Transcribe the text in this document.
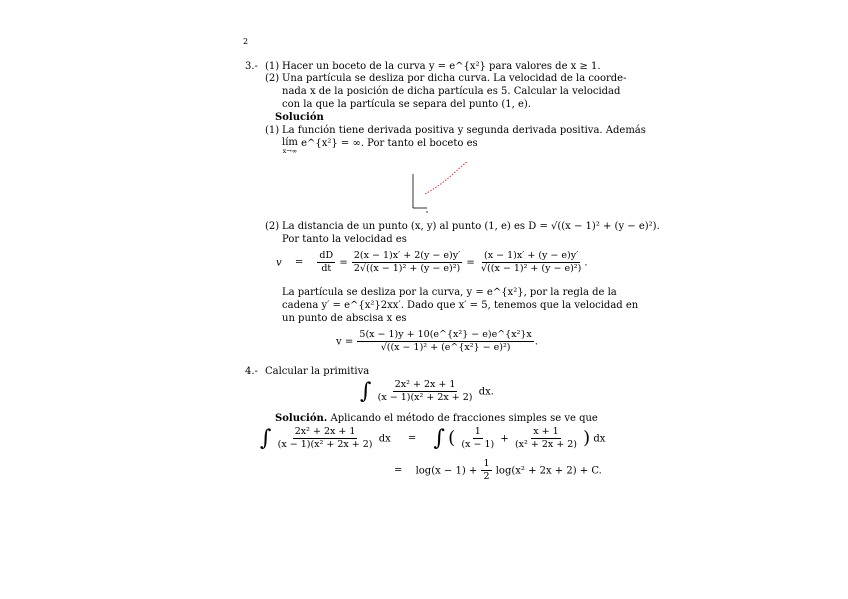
2
3.- (1) Hacer un boceto de la curva y = e^{x²} para valores de x ≥ 1.
(2) Una partícula se desliza por dicha curva. La velocidad de la coorde-
nada x de la posición de dicha partícula es 5. Calcular la velocidad
con la que la partícula se separa del punto (1, e).
Solución
(1) La función tiene derivada positiva y segunda derivada positiva. Además
lím
x→∞
e^{x²} = ∞. Por tanto el boceto es
(2) La distancia de un punto (x, y) al punto (1, e) es D = √((x − 1)² + (y − e)²).
Por tanto la velocidad es
$v = \frac{dD}{dt} = \frac{2(x - 1)x' + 2(y - e)y'}{\text{2√((x − 1)² + (y − e)²)}} = \frac{(x - 1)x' + (y - e)y'}{\text{√((x − 1)² + (y − e)²)}}$ .
La partícula se desliza por la curva, y = e^{x²}, por la regla de la
cadena y′ = e^{x²}2xx′. Dado que x′ = 5, tenemos que la velocidad en
un punto de abscisa x es
$v = \frac{\text{5(x − 1)y + 10(e\textasciicircum{}\{x²\} − e)e\textasciicircum{}\{x²\}x}}{\text{√((x − 1)² + (e\textasciicircum{}\{x²\} − e)²)}}$ .
4.- Calcular la primitiva
∫ $\frac{\text{2x² + 2x + 1}}{\text{(x − 1)(x² + 2x + 2)}}$ dx.
Solución. Aplicando el método de fracciones simples se ve que
∫ $\frac{\text{2x² + 2x + 1}}{\text{(x − 1)(x² + 2x + 2)}}$ dx = ∫ ( $\frac{1}{(x - 1)} + \frac{x + 1}{\text{(x² + 2x + 2)}}$ ) dx
= $\log(x - 1) + \frac{1}{2} \log(x^2 + 2x + 2) + C$.
